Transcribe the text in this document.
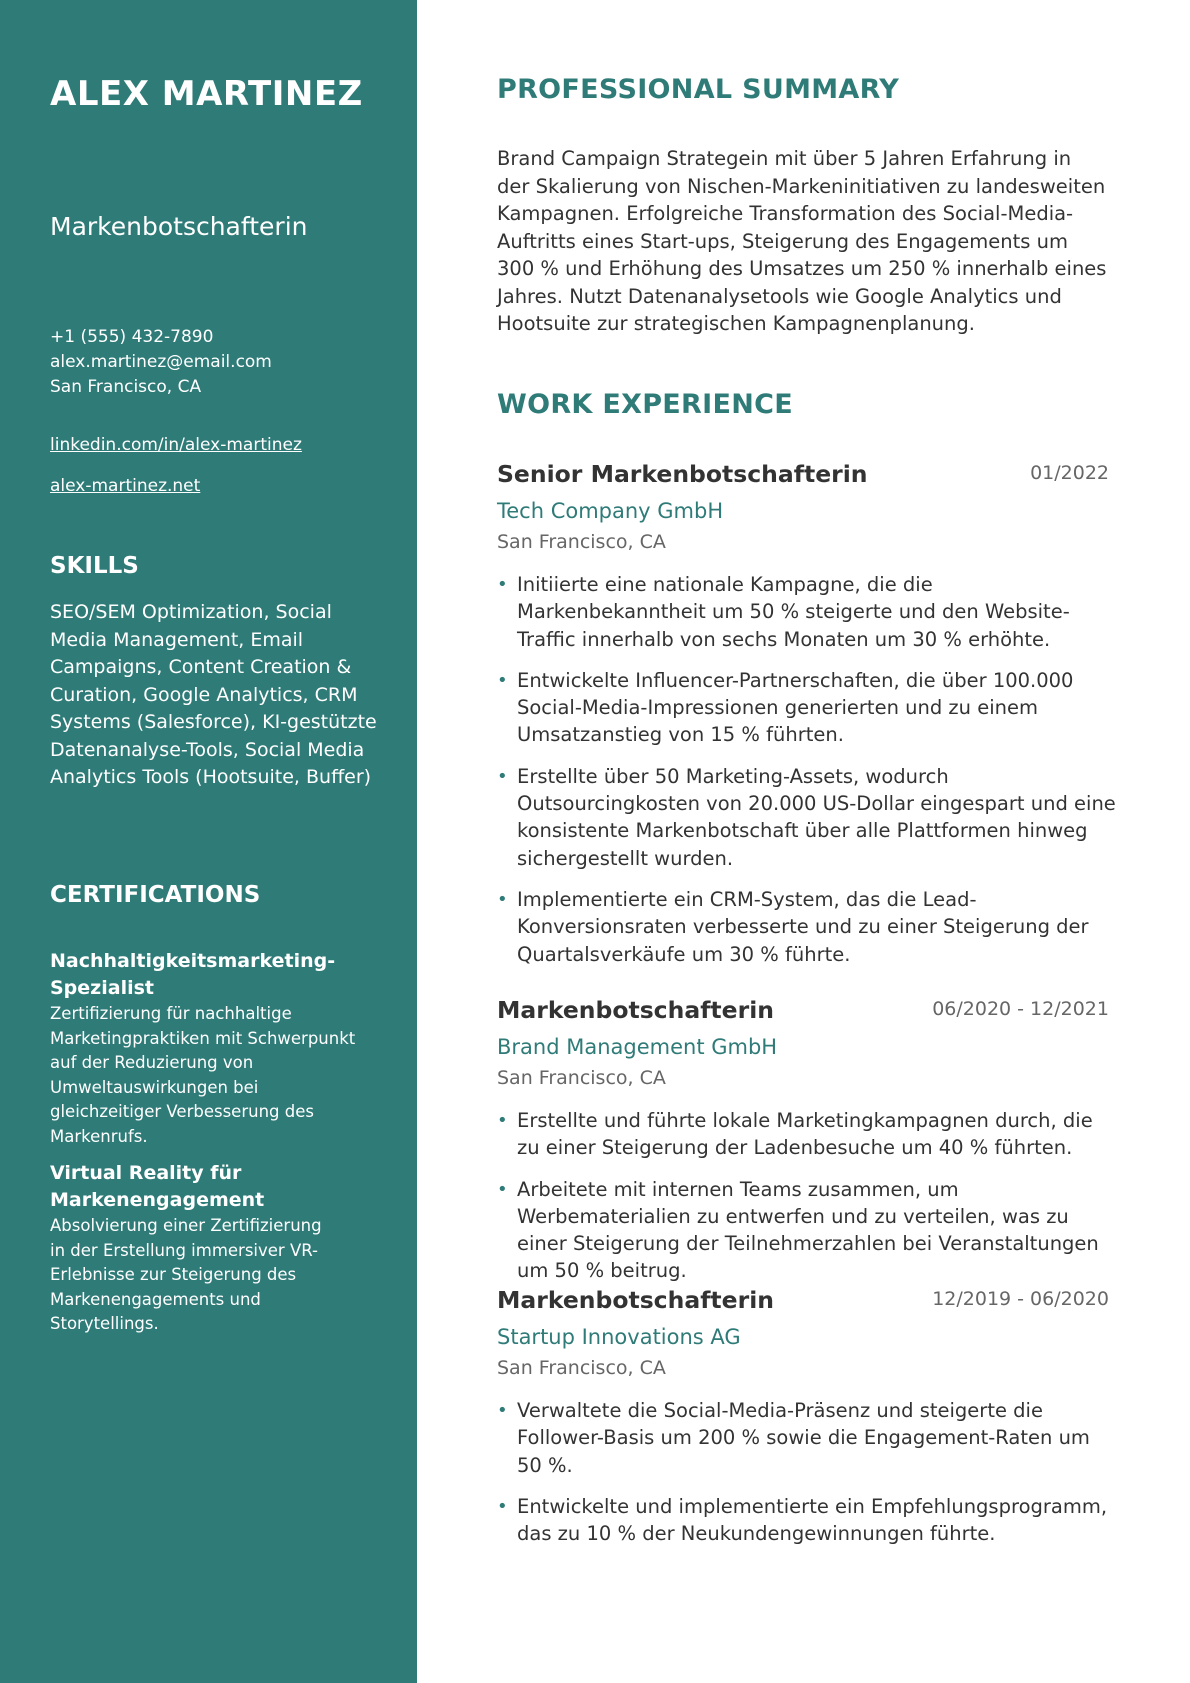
ALEX MARTINEZ
Markenbotschafterin
+1 (555) 432-7890
alex.martinez@email.com
San Francisco, CA
linkedin.com/in/alex-martinez
alex-martinez.net
SKILLS

SEO/SEM Optimization, Social Media Management, Email Campaigns, Content Creation & Curation, Google Analytics, CRM Systems (Salesforce), KI-gestützte Datenanalyse-Tools, Social Media Analytics Tools (Hootsuite, Buffer)

CERTIFICATIONS
Nachhaltigkeitsmarketing-Spezialist
Zertifizierung für nachhaltige Marketingpraktiken mit Schwerpunkt auf der Reduzierung von Umweltauswirkungen bei gleichzeitiger Verbesserung des Markenrufs.
Virtual Reality für Markenengagement
Absolvierung einer Zertifizierung in der Erstellung immersiver VR-Erlebnisse zur Steigerung des Markenengagements und Storytellings.
PROFESSIONAL SUMMARY

Brand Campaign Strategein mit über 5 Jahren Erfahrung in der Skalierung von Nischen-Markeninitiativen zu landesweiten Kampagnen. Erfolgreiche Transformation des Social-Media-Auftritts eines Start-ups, Steigerung des Engagements um 300 % und Erhöhung des Umsatzes um 250 % innerhalb eines Jahres. Nutzt Datenanalysetools wie Google Analytics und Hootsuite zur strategischen Kampagnenplanung.

WORK EXPERIENCE
Senior Markenbotschafterin	01/2022
Tech Company GmbH
San Francisco, CA
• Initiierte eine nationale Kampagne, die die Markenbekanntheit um 50 % steigerte und den Website-Traffic innerhalb von sechs Monaten um 30 % erhöhte.
• Entwickelte Influencer-Partnerschaften, die über 100.000 Social-Media-Impressionen generierten und zu einem Umsatzanstieg von 15 % führten.
• Erstellte über 50 Marketing-Assets, wodurch Outsourcingkosten von 20.000 US-Dollar eingespart und eine konsistente Markenbotschaft über alle Plattformen hinweg sichergestellt wurden.
• Implementierte ein CRM-System, das die Lead-Konversionsraten verbesserte und zu einer Steigerung der Quartalsverkäufe um 30 % führte.
Markenbotschafterin	06/2020 - 12/2021
Brand Management GmbH
San Francisco, CA
• Erstellte und führte lokale Marketingkampagnen durch, die zu einer Steigerung der Ladenbesuche um 40 % führten.
• Arbeitete mit internen Teams zusammen, um Werbematerialien zu entwerfen und zu verteilen, was zu einer Steigerung der Teilnehmerzahlen bei Veranstaltungen um 50 % beitrug.
Markenbotschafterin	12/2019 - 06/2020
Startup Innovations AG
San Francisco, CA
• Verwaltete die Social-Media-Präsenz und steigerte die Follower-Basis um 200 % sowie die Engagement-Raten um 50 %.
• Entwickelte und implementierte ein Empfehlungsprogramm, das zu 10 % der Neukundengewinnungen führte.
